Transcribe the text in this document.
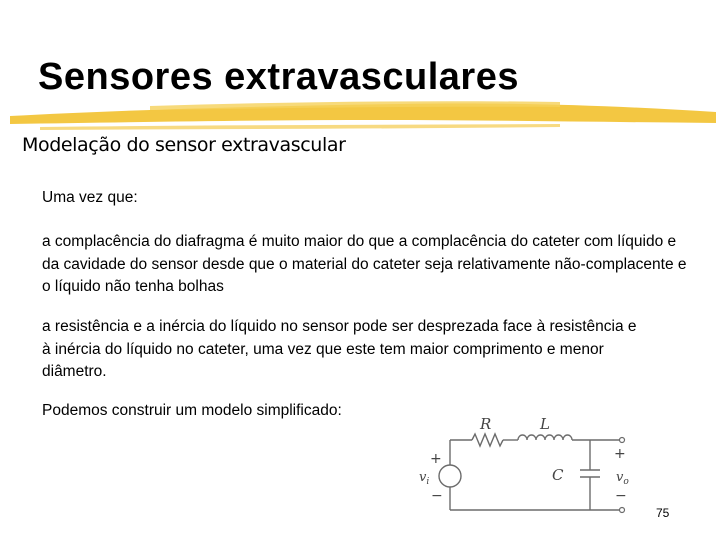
Sensores extravasculares
Modelação do sensor extravascular
Uma vez que:
a complacência do diafragma é muito maior do que a complacência do cateter com líquido e da cavidade do sensor desde que o material do cateter seja relativamente não-complacente e o líquido não tenha bolhas
a resistência e a inércia do líquido no sensor pode ser desprezada face à resistência e à inércia do líquido no cateter, uma vez que este tem maior comprimento e menor diâmetro.
Podemos construir um modelo simplificado:
R	L
C
+
−
$v_i$
+
−
$v_o$
75
